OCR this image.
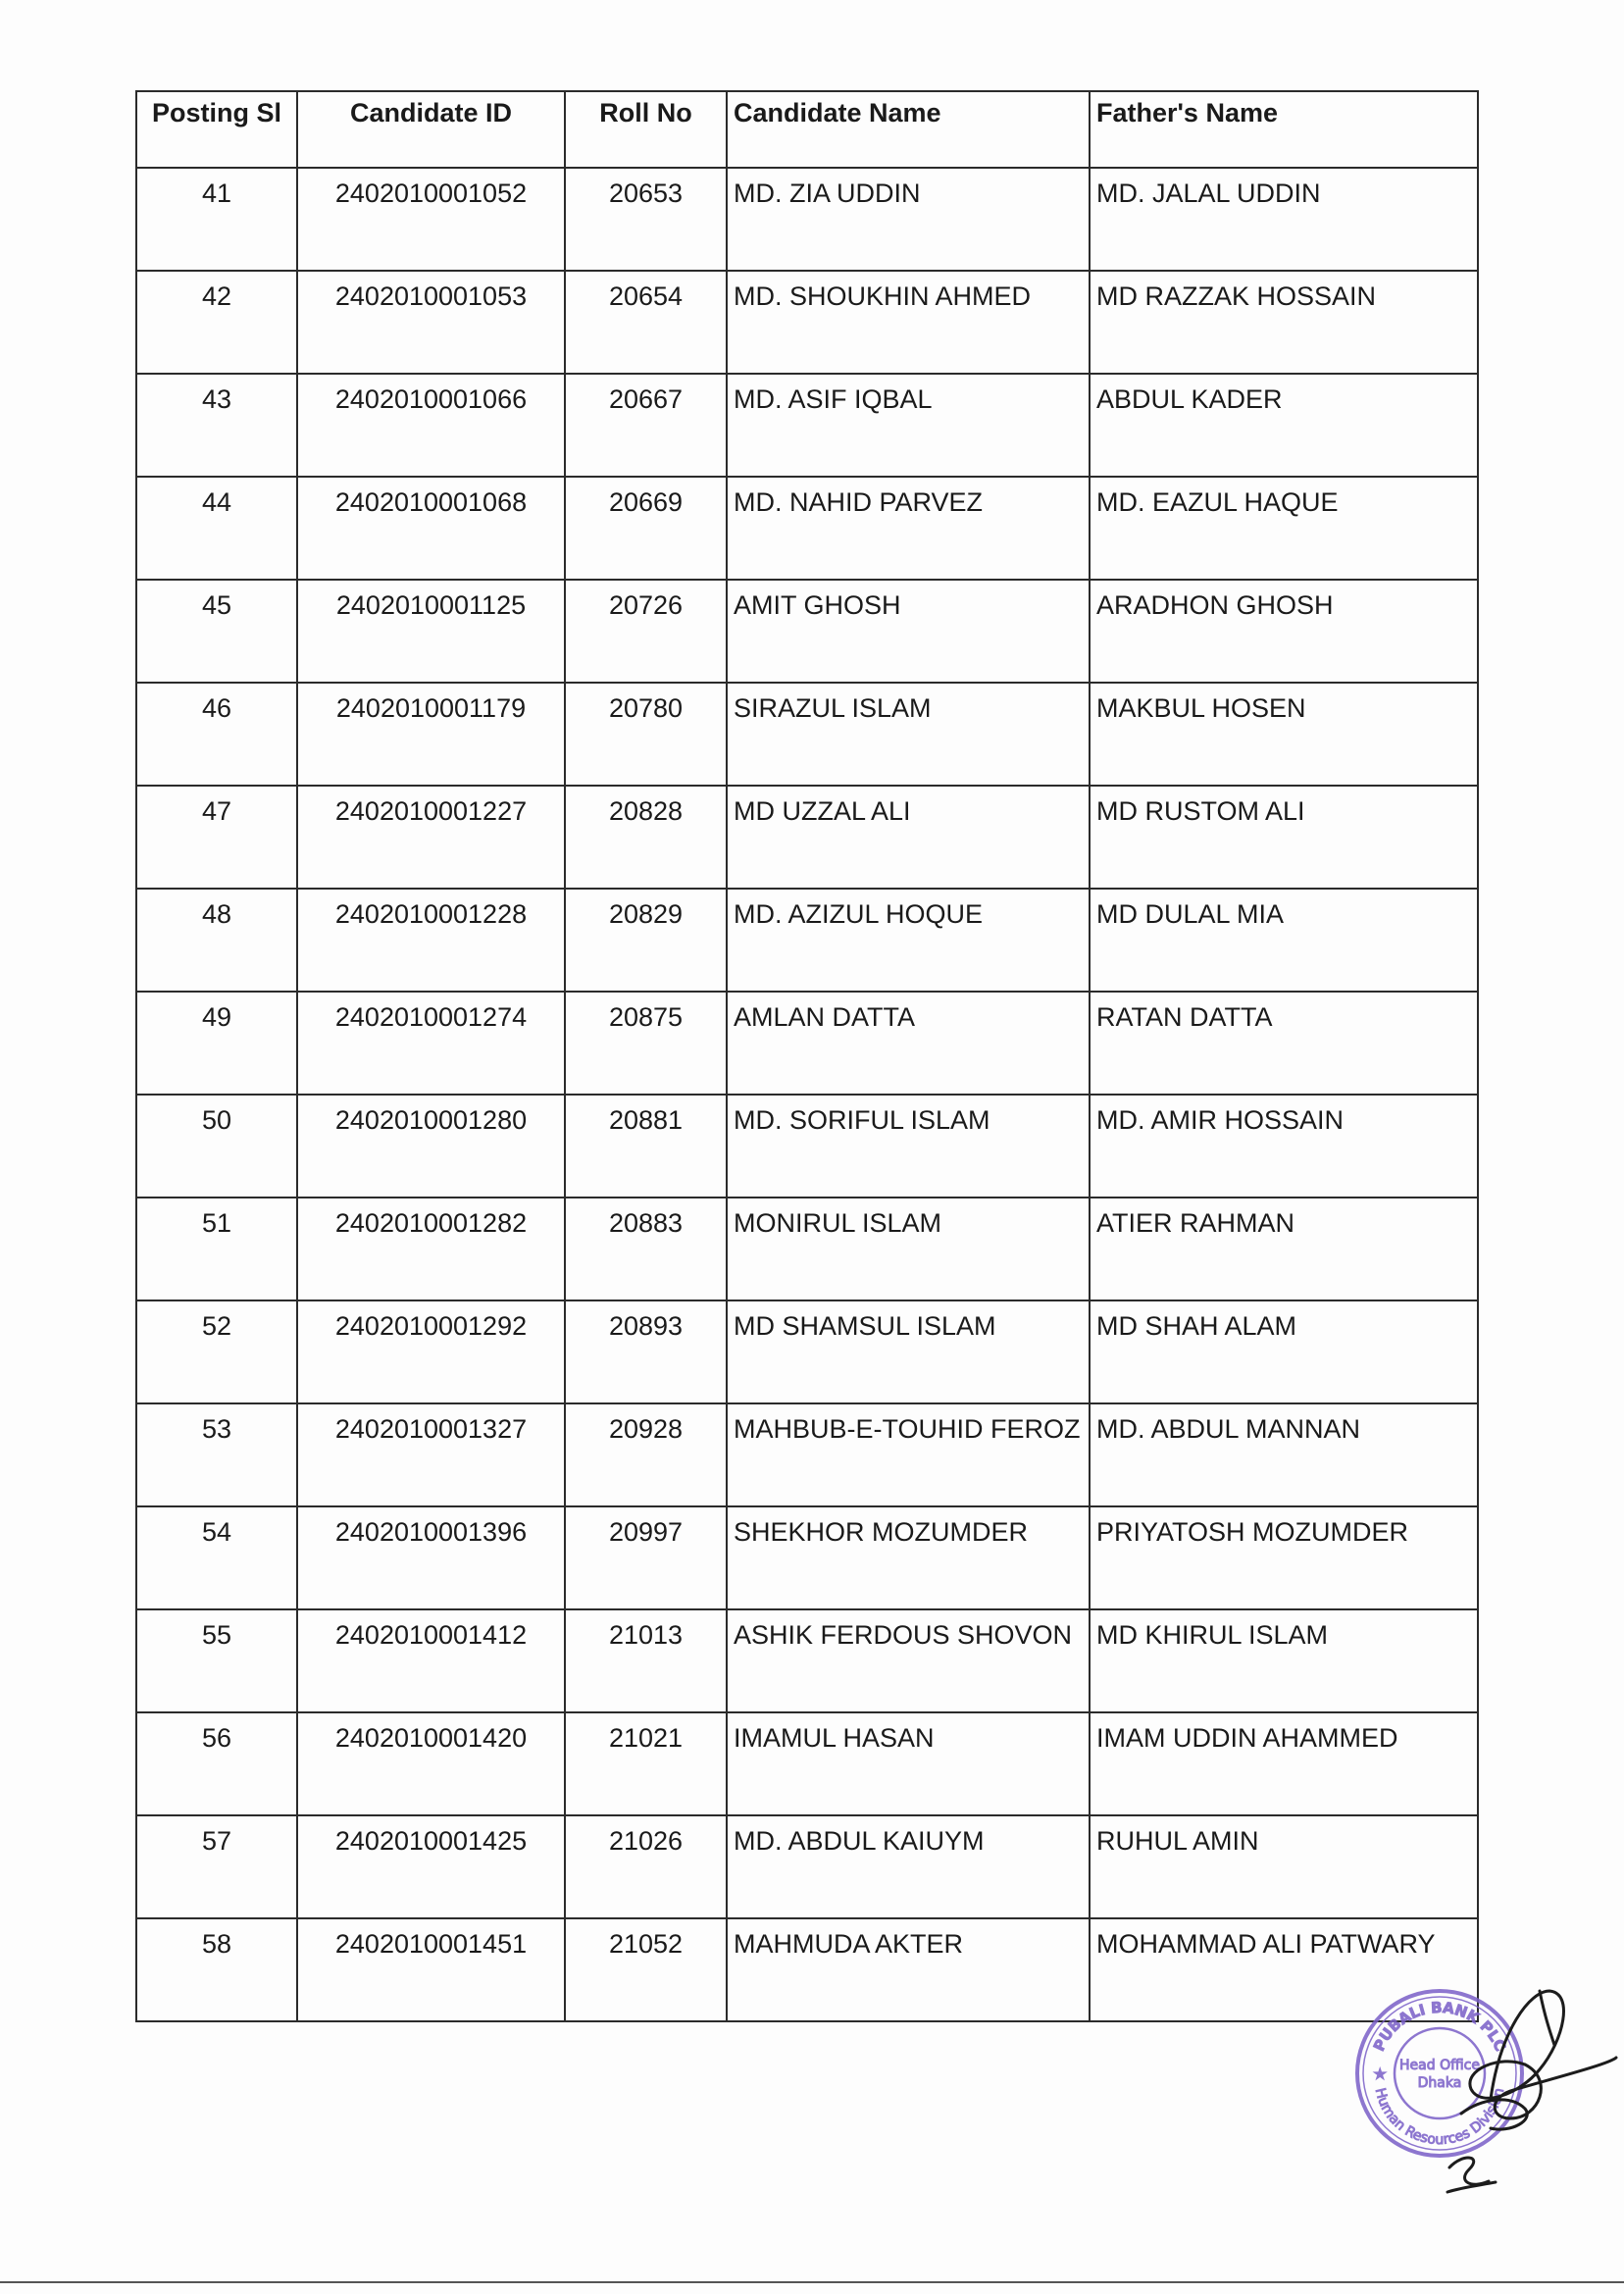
Posting Sl	Candidate ID	Roll No	Candidate Name	Father's Name
41	2402010001052	20653	MD. ZIA UDDIN	MD. JALAL UDDIN
42	2402010001053	20654	MD. SHOUKHIN AHMED	MD RAZZAK HOSSAIN
43	2402010001066	20667	MD. ASIF IQBAL	ABDUL KADER
44	2402010001068	20669	MD. NAHID PARVEZ	MD. EAZUL HAQUE
45	2402010001125	20726	AMIT GHOSH	ARADHON GHOSH
46	2402010001179	20780	SIRAZUL ISLAM	MAKBUL HOSEN
47	2402010001227	20828	MD UZZAL ALI	MD RUSTOM ALI
48	2402010001228	20829	MD. AZIZUL HOQUE	MD DULAL MIA
49	2402010001274	20875	AMLAN DATTA	RATAN DATTA
50	2402010001280	20881	MD. SORIFUL ISLAM	MD. AMIR HOSSAIN
51	2402010001282	20883	MONIRUL ISLAM	ATIER RAHMAN
52	2402010001292	20893	MD SHAMSUL ISLAM	MD SHAH ALAM
53	2402010001327	20928	MAHBUB-E-TOUHID FEROZ	MD. ABDUL MANNAN
54	2402010001396	20997	SHEKHOR MOZUMDER	PRIYATOSH MOZUMDER
55	2402010001412	21013	ASHIK FERDOUS SHOVON	MD KHIRUL ISLAM
56	2402010001420	21021	IMAMUL HASAN	IMAM UDDIN AHAMMED
57	2402010001425	21026	MD. ABDUL KAIUYM	RUHUL AMIN
58	2402010001451	21052	MAHMUDA AKTER	MOHAMMAD ALI PATWARY
PUBALI BANK PLC
Human Resources Division
Head Office
Dhaka
★
